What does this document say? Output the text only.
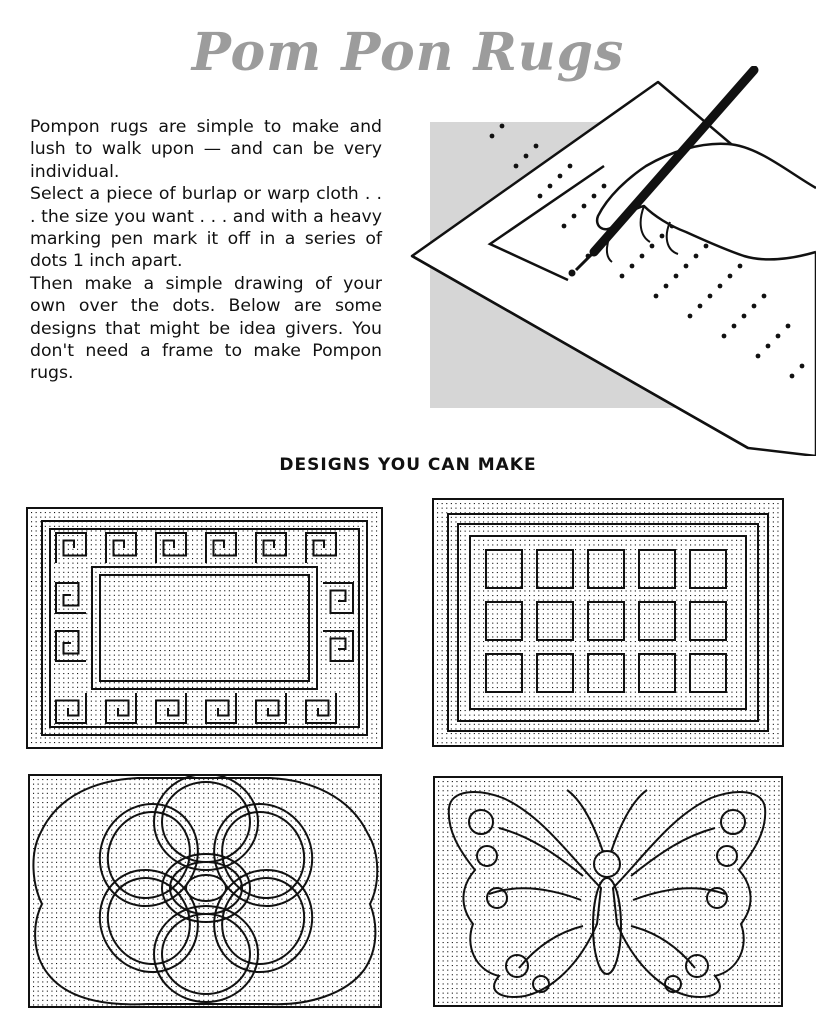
Pom Pon Rugs

Pompon rugs are simple to make and lush to walk upon — and can be very individual.

Select a piece of burlap or warp cloth . . . the size you want . . . and with a heavy marking pen mark it off in a series of dots 1 inch apart.

Then make a simple drawing of your own over the dots. Below are some designs that might be idea givers. You don't need a frame to make Pompon rugs.

DESIGNS YOU CAN MAKE
